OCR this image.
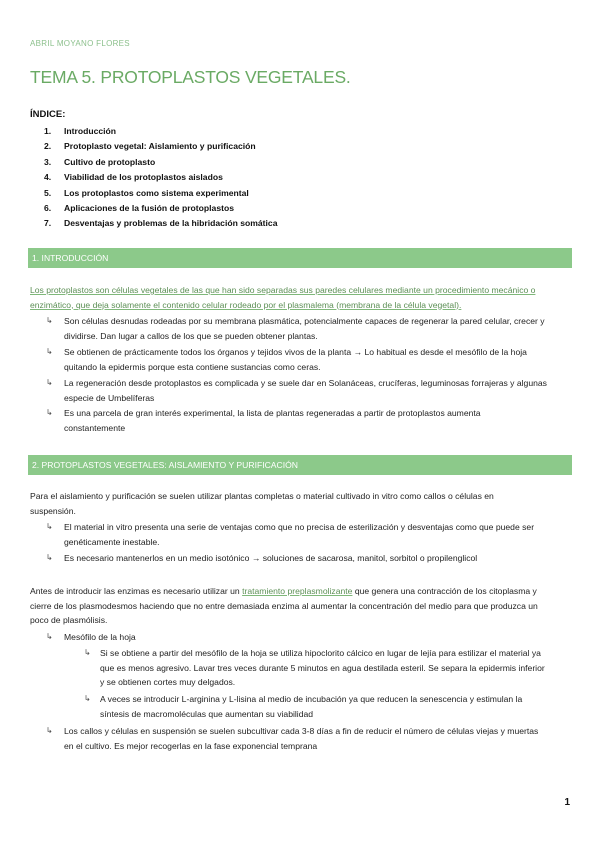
ABRIL MOYANO FLORES
TEMA 5. PROTOPLASTOS VEGETALES.
ÍNDICE:
1. Introducción
2. Protoplasto vegetal: Aislamiento y purificación
3. Cultivo de protoplasto
4. Viabilidad de los protoplastos aislados
5. Los protoplastos como sistema experimental
6. Aplicaciones de la fusión de protoplastos
7. Desventajas y problemas de la hibridación somática
1. INTRODUCCIÓN
Los protoplastos son células vegetales de las que han sido separadas sus paredes celulares mediante un procedimiento mecánico o
enzimático, que deja solamente el contenido celular rodeado por el plasmalema (membrana de la célula vegetal).
↳ Son células desnudas rodeadas por su membrana plasmática, potencialmente capaces de regenerar la pared celular, crecer y
dividirse. Dan lugar a callos de los que se pueden obtener plantas.
↳ Se obtienen de prácticamente todos los órganos y tejidos vivos de la planta → Lo habitual es desde el mesófilo de la hoja
quitando la epidermis porque esta contiene sustancias como ceras.
↳ La regeneración desde protoplastos es complicada y se suele dar en Solanáceas, crucíferas, leguminosas forrajeras y algunas
especie de Umbelíferas
↳ Es una parcela de gran interés experimental, la lista de plantas regeneradas a partir de protoplastos aumenta
constantemente
2. PROTOPLASTOS VEGETALES: AISLAMIENTO Y PURIFICACIÓN
Para el aislamiento y purificación se suelen utilizar plantas completas o material cultivado in vitro como callos o células en
suspensión.
↳ El material in vitro presenta una serie de ventajas como que no precisa de esterilización y desventajas como que puede ser
genéticamente inestable.
↳ Es necesario mantenerlos en un medio isotónico → soluciones de sacarosa, manitol, sorbitol o propilenglicol
Antes de introducir las enzimas es necesario utilizar un tratamiento preplasmolizante que genera una contracción de los citoplasma y
cierre de los plasmodesmos haciendo que no entre demasiada enzima al aumentar la concentración del medio para que produzca un
poco de plasmólisis.
↳ Mesófilo de la hoja
↳ Si se obtiene a partir del mesófilo de la hoja se utiliza hipoclorito cálcico en lugar de lejía para estilizar el material ya
que es menos agresivo. Lavar tres veces durante 5 minutos en agua destilada esteril. Se separa la epidermis inferior
y se obtienen cortes muy delgados.
↳ A veces se introducir L-arginina y L-lisina al medio de incubación ya que reducen la senescencia y estimulan la
síntesis de macromoléculas que aumentan su viabilidad
↳ Los callos y células en suspensión se suelen subcultivar cada 3-8 días a fin de reducir el número de células viejas y muertas
en el cultivo. Es mejor recogerlas en la fase exponencial temprana
1
